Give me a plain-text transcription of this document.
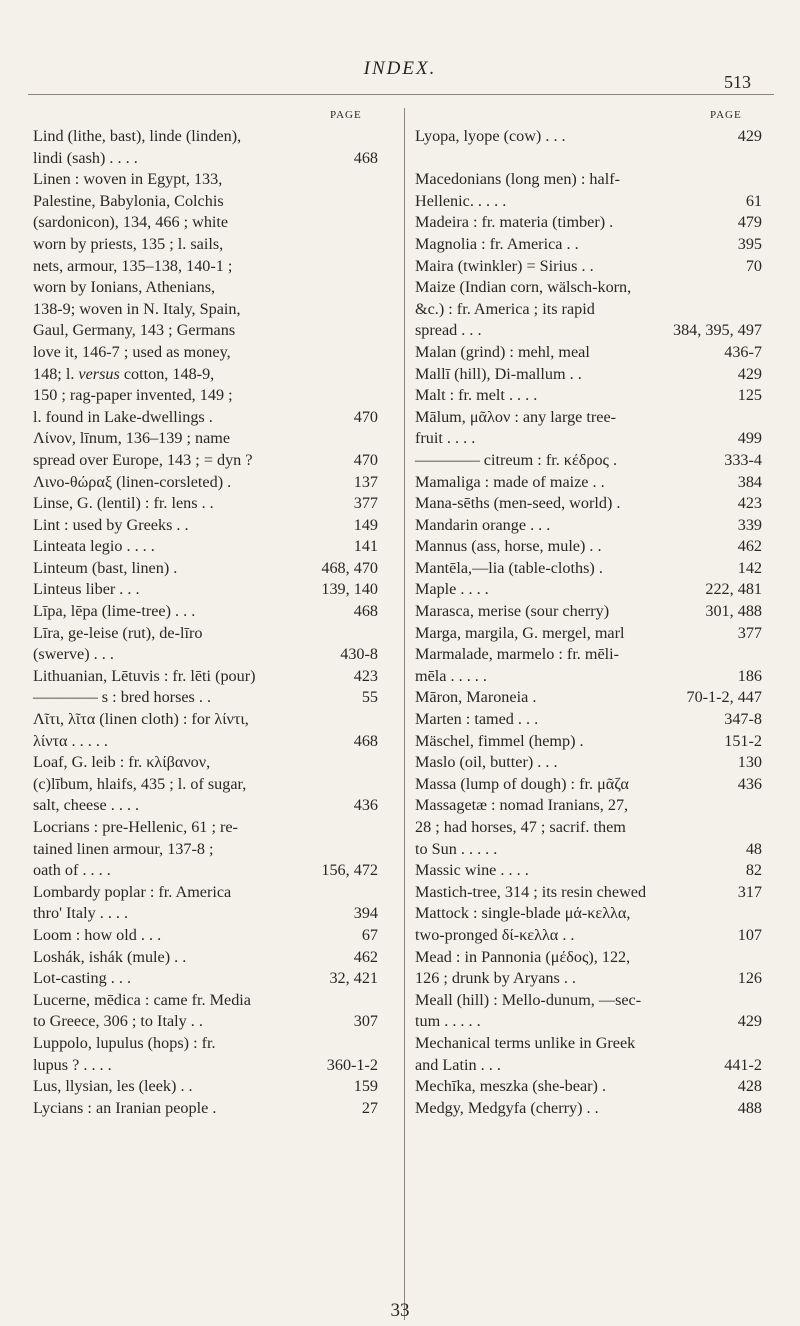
INDEX.
513
PAGE	PAGE
Lind (lithe, bast), linde (linden),
lindi (sash) . . . .	468
Linen : woven in Egypt, 133,
Palestine, Babylonia, Colchis
(sardonicon), 134, 466 ; white
worn by priests, 135 ; l. sails,
nets, armour, 135–138, 140-1 ;
worn by Ionians, Athenians,
138-9; woven in N. Italy, Spain,
Gaul, Germany, 143 ; Germans
love it, 146-7 ; used as money,
148; l. versus cotton, 148-9,
150 ; rag-paper invented, 149 ;
l. found in Lake-dwellings .	470
Λίνον, līnum, 136–139 ; name
spread over Europe, 143 ; = dyn ?	470
Λινο-θώραξ (linen-corsleted) .	137
Linse, G. (lentil) : fr. lens . .	377
Lint : used by Greeks . .	149
Linteata legio . . . .	141
Linteum (bast, linen) .	468, 470
Linteus liber . . .	139, 140
Līpa, lēpa (lime-tree) . . .	468
Līra, ge-leise (rut), de-līro
(swerve) . . .	430-8
Lithuanian, Lētuvis : fr. lēti (pour)	423
———— s : bred horses . .	55
Λῖτι, λῖτα (linen cloth) : for λίντι,
λίντα . . . . .	468
Loaf, G. leib : fr. κλίβανον,
(c)lībum, hlaifs, 435 ; l. of sugar,
salt, cheese . . . .	436
Locrians : pre-Hellenic, 61 ; re-
tained linen armour, 137-8 ;
oath of . . . .	156, 472
Lombardy poplar : fr. America
thro' Italy . . . .	394
Loom : how old . . .	67
Loshák, ishák (mule) . .	462
Lot-casting . . .	32, 421
Lucerne, mēdica : came fr. Media
to Greece, 306 ; to Italy . .	307
Luppolo, lupulus (hops) : fr.
lupus ? . . . .	360-1-2
Lus, llysian, les (leek) . .	159
Lycians : an Iranian people .	27
Lyopa, lyope (cow) . . .	429
Macedonians (long men) : half-
Hellenic. . . . .	61
Madeira : fr. materia (timber) .	479
Magnolia : fr. America . .	395
Maira (twinkler) = Sirius . .	70
Maize (Indian corn, wälsch-korn,
&c.) : fr. America ; its rapid
spread . . .	384, 395, 497
Malan (grind) : mehl, meal	436-7
Mallī (hill), Di-mallum . .	429
Malt : fr. melt . . . .	125
Mālum, μᾶλον : any large tree-
fruit . . . .	499
———— citreum : fr. κέδρος .	333-4
Mamaliga : made of maize . .	384
Mana-sēths (men-seed, world) .	423
Mandarin orange . . .	339
Mannus (ass, horse, mule) . .	462
Mantēla,—lia (table-cloths) .	142
Maple . . . .	222, 481
Marasca, merise (sour cherry)	301, 488
Marga, margila, G. mergel, marl	377
Marmalade, marmelo : fr. mēli-
mēla . . . . .	186
Māron, Maroneia .	70-1-2, 447
Marten : tamed . . .	347-8
Mäschel, fimmel (hemp) .	151-2
Maslo (oil, butter) . . .	130
Massa (lump of dough) : fr. μᾶζα	436
Massagetæ : nomad Iranians, 27,
28 ; had horses, 47 ; sacrif. them
to Sun . . . . .	48
Massic wine . . . .	82
Mastich-tree, 314 ; its resin chewed	317
Mattock : single-blade μά-κελλα,
two-pronged δί-κελλα . .	107
Mead : in Pannonia (μέδος), 122,
126 ; drunk by Aryans . .	126
Meall (hill) : Mello-dunum, —sec-
tum . . . . .	429
Mechanical terms unlike in Greek
and Latin . . .	441-2
Mechīka, meszka (she-bear) .	428
Medgy, Medgyfa (cherry) . .	488
33
